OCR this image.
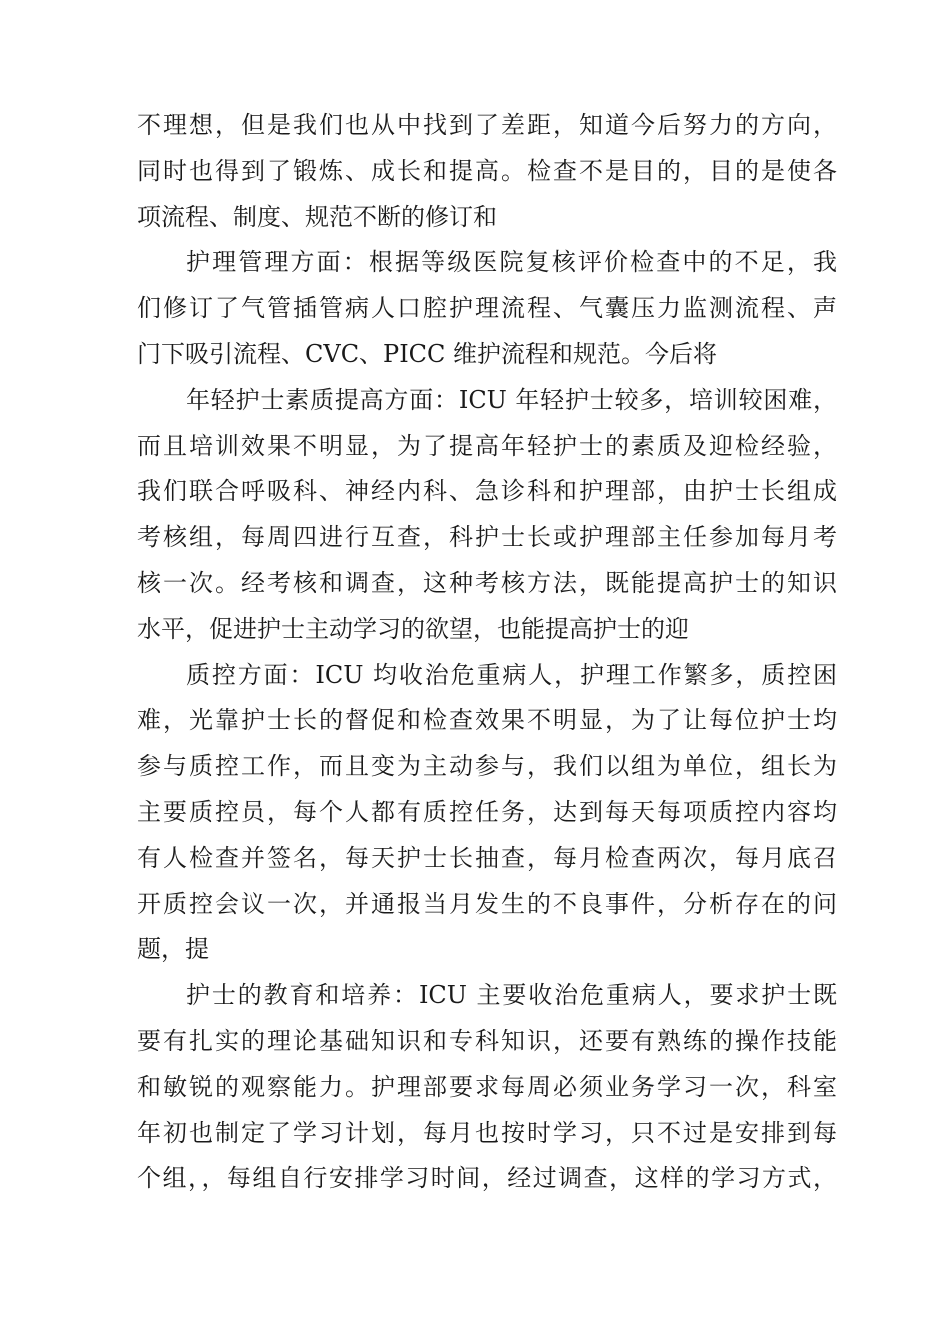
不理想，但是我们也从中找到了差距，知道今后努力的方向，
同时也得到了锻炼、成长和提高。检查不是目的，目的是使各
项流程、制度、规范不断的修订和
护理管理方面：根据等级医院复核评价检查中的不足，我
们修订了气管插管病人口腔护理流程、气囊压力监测流程、声
门下吸引流程、CVC、PICC 维护流程和规范。今后将
年轻护士素质提高方面：ICU 年轻护士较多，培训较困难，
而且培训效果不明显，为了提高年轻护士的素质及迎检经验，
我们联合呼吸科、神经内科、急诊科和护理部，由护士长组成
考核组，每周四进行互查，科护士长或护理部主任参加每月考
核一次。经考核和调查，这种考核方法，既能提高护士的知识
水平，促进护士主动学习的欲望，也能提高护士的迎
质控方面：ICU 均收治危重病人，护理工作繁多，质控困
难，光靠护士长的督促和检查效果不明显，为了让每位护士均
参与质控工作，而且变为主动参与，我们以组为单位，组长为
主要质控员，每个人都有质控任务，达到每天每项质控内容均
有人检查并签名，每天护士长抽查，每月检查两次，每月底召
开质控会议一次，并通报当月发生的不良事件，分析存在的问
题，提
护士的教育和培养：ICU 主要收治危重病人，要求护士既
要有扎实的理论基础知识和专科知识，还要有熟练的操作技能
和敏锐的观察能力。护理部要求每周必须业务学习一次，科室
年初也制定了学习计划，每月也按时学习，只不过是安排到每
个组，，每组自行安排学习时间，经过调查，这样的学习方式，
